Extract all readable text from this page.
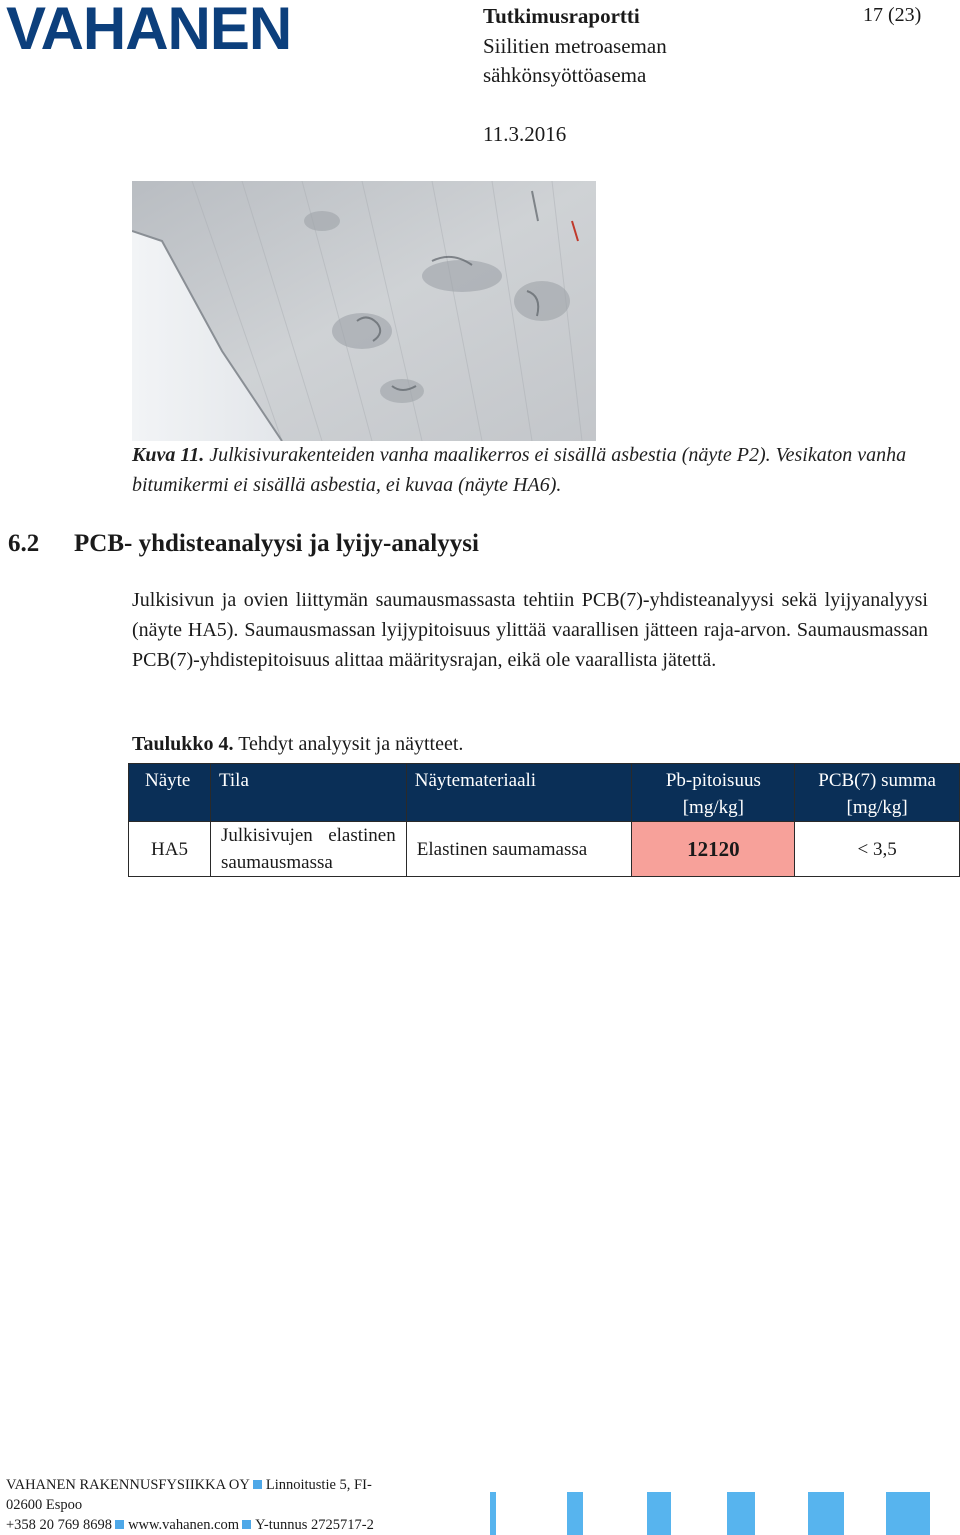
VAHANEN	Tutkimusraportti	17 (23)
Siilitien metroaseman
sähkönsyöttöasema
11.3.2016
Kuva 11. Julkisivurakenteiden vanha maalikerros ei sisällä asbestia (näyte P2). Vesikaton vanha bitumikermi ei sisällä asbestia, ei kuvaa (näyte HA6).
6.2 PCB- yhdisteanalyysi ja lyijy-analyysi
Julkisivun ja ovien liittymän saumausmassasta tehtiin PCB(7)-yhdisteanalyysi sekä lyijyanalyysi (näyte HA5). Saumausmassan lyijypitoisuus ylittää vaarallisen jätteen raja-arvon. Saumausmassan PCB(7)-yhdistepitoisuus alittaa määritysrajan, eikä ole vaarallista jätettä.
Taulukko 4. Tehdyt analyysit ja näytteet.
Näyte	Tila	Näytemateriaali	Pb-pitoisuus [mg/kg]	PCB(7) summa [mg/kg]
HA5	Julkisivujen elastinen saumausmassa	Elastinen saumamassa	12120	< 3,5
VAHANEN RAKENNUSFYSIIKKA OY Linnoitustie 5, FI-
02600 Espoo
+358 20 769 8698 www.vahanen.com Y-tunnus 2725717-2
